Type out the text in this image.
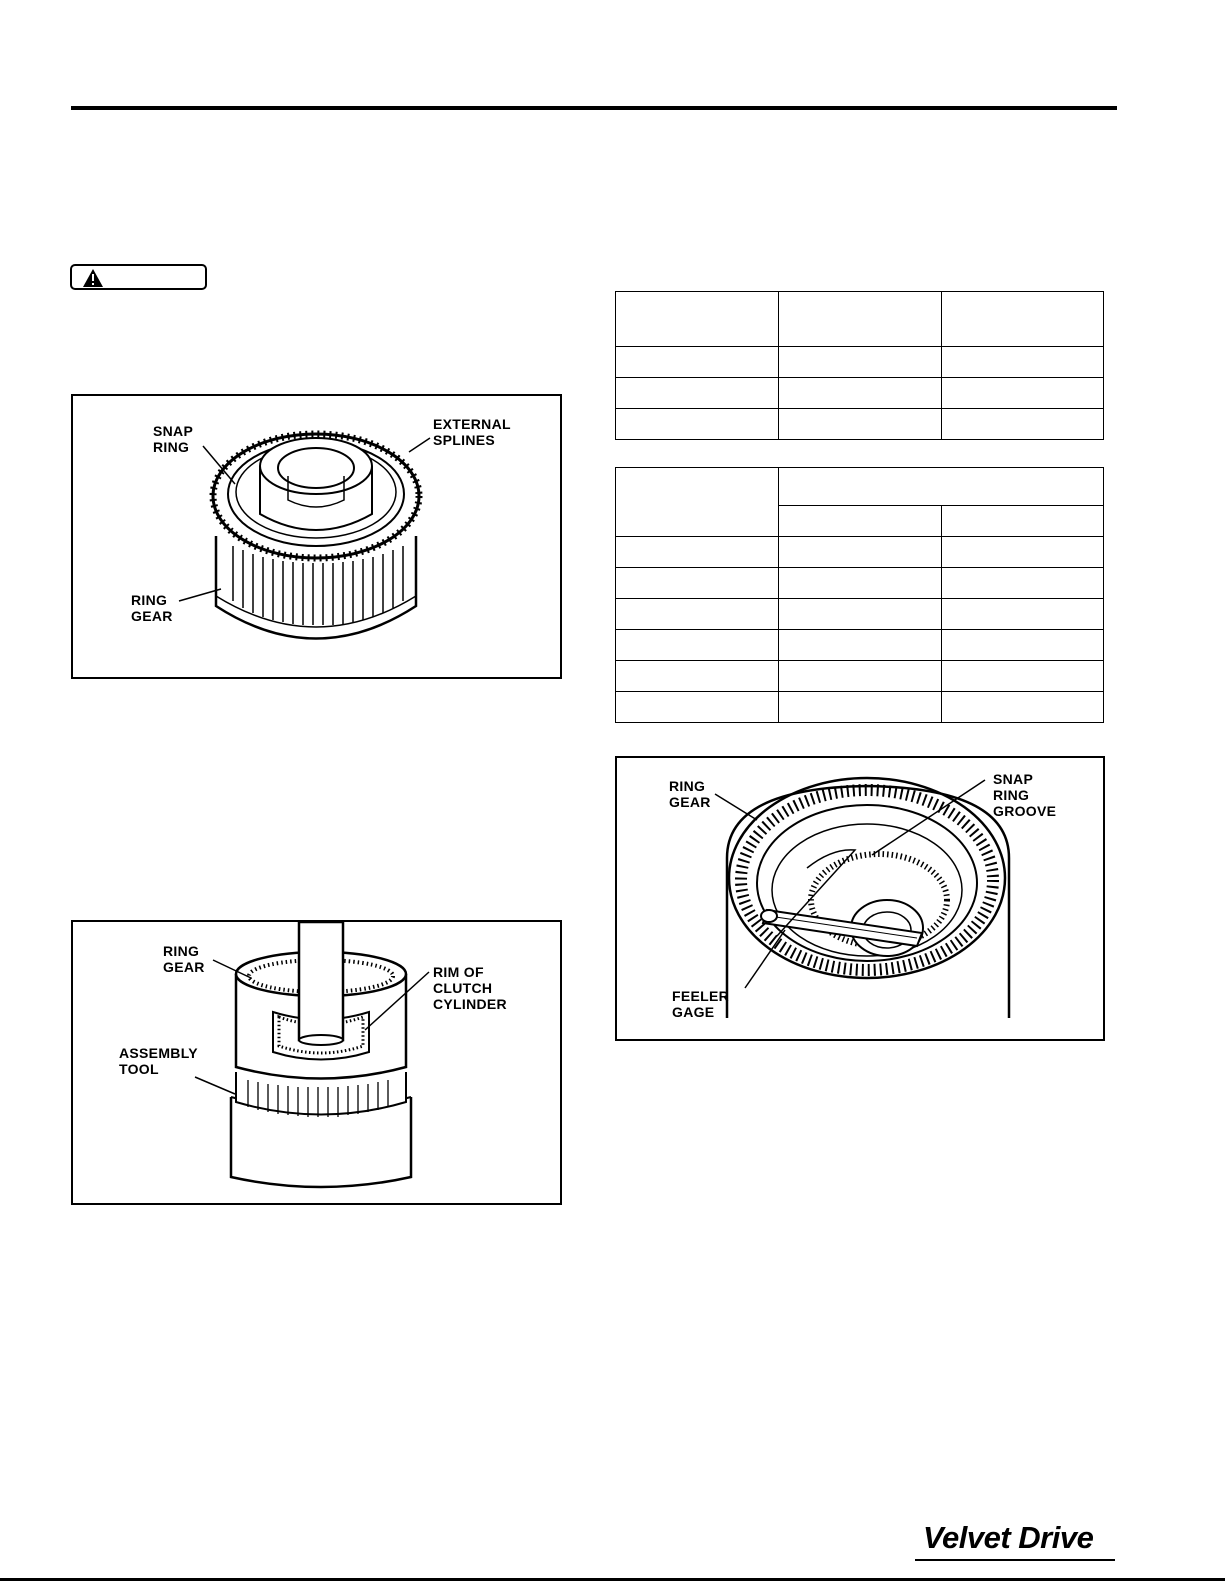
SNAP
RING
EXTERNAL
SPLINES
RING
GEAR
RING
GEAR	RIM OF
CLUTCH
CYLINDER
ASSEMBLY
TOOL

RING
GEAR
SNAP
RING
GROOVE
FEELER
GAGE
Velvet Drive
